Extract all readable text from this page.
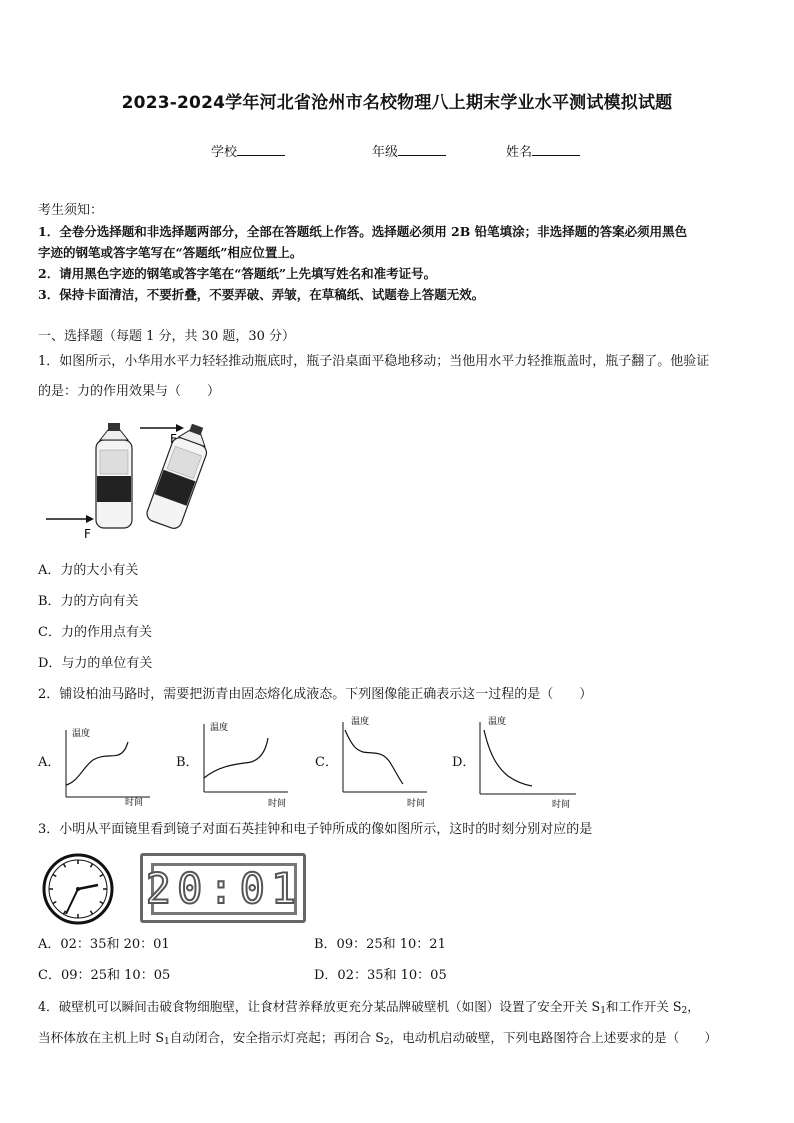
2023-2024学年河北省沧州市名校物理八上期末学业水平测试模拟试题
学校	年级	姓名
考生须知：
1．全卷分选择题和非选择题两部分，全部在答题纸上作答。选择题必须用 2B 铅笔填涂；非选择题的答案必须用黑色
字迹的钢笔或答字笔写在“答题纸”相应位置上。
2．请用黑色字迹的钢笔或答字笔在“答题纸”上先填写姓名和准考证号。
3．保持卡面清洁，不要折叠，不要弄破、弄皱，在草稿纸、试题卷上答题无效。
一、选择题（每题 1 分，共 30 题，30 分）
1．如图所示，小华用水平力轻轻推动瓶底时，瓶子沿桌面平稳地移动；当他用水平力轻推瓶盖时，瓶子翻了。他验证
的是：力的作用效果与（　　）
F
F
A．力的大小有关
B．力的方向有关
C．力的作用点有关
D．与力的单位有关
2．铺设柏油马路时，需要把沥青由固态熔化成液态。下列图像能正确表示这一过程的是（　　）
A．
温度
时间
B．
温度
时间
C．
温度
时间
D．
温度
时间
3．小明从平面镜里看到镜子对面石英挂钟和电子钟所成的像如图所示，这时的时刻分别对应的是
20:01
A．02：35和 20：01	B．09：25和 10：21
C．09：25和 10：05	D．02：35和 10：05
4．破壁机可以瞬间击破食物细胞壁，让食材营养释放更充分某品牌破壁机（如图）设置了安全开关 $S_1$和工作开关 $S_2$，
当杯体放在主机上时 $S_1$自动闭合，安全指示灯亮起；再闭合 $S_2$，电动机启动破壁，下列电路图符合上述要求的是（　　）
